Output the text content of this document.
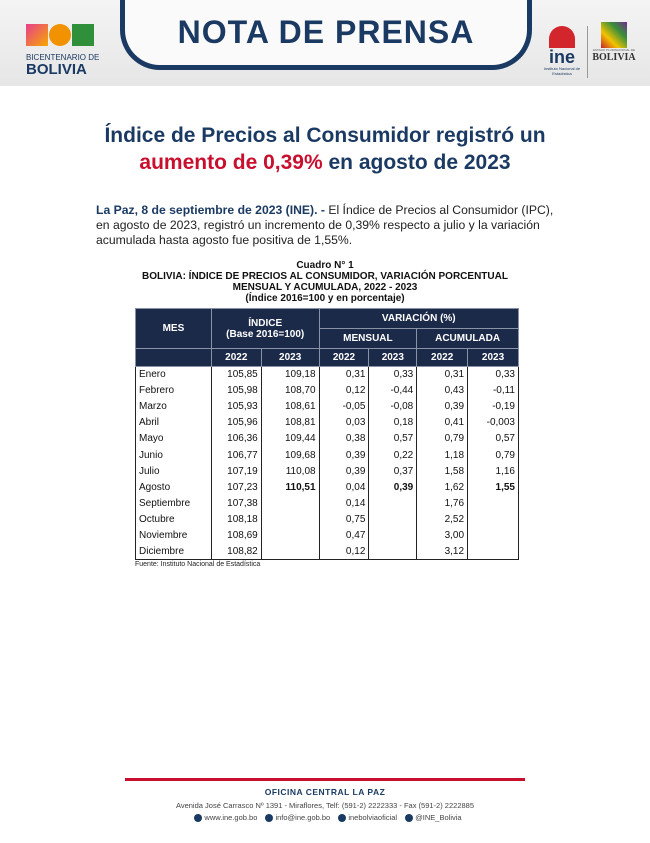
BICENTENARIO DE
BOLIVIA
NOTA DE PRENSA
ine
Instituto Nacional de Estadística
ESTADO PLURINACIONAL DE
BOLIVIA
Índice de Precios al Consumidor registró un
aumento de 0,39% en agosto de 2023

La Paz, 8 de septiembre de 2023 (INE). - El Índice de Precios al Consumidor (IPC), en agosto de 2023, registró un incremento de 0,39% respecto a julio y la variación acumulada hasta agosto fue positiva de 1,55%.

Cuadro N° 1
BOLIVIA: ÍNDICE DE PRECIOS AL CONSUMIDOR, VARIACIÓN PORCENTUAL
MENSUAL Y ACUMULADA, 2022 - 2023
(Índice 2016=100 y en porcentaje)
MES	ÍNDICE
(Base 2016=100)		VARIACIÓN (%)			
			MENSUAL		ACUMULADA	
	2022	2023	2022	2023	2022	2023
Enero	105,85	109,18	0,31	0,33	0,31	0,33
Febrero	105,98	108,70	0,12	-0,44	0,43	-0,11
Marzo	105,93	108,61	-0,05	-0,08	0,39	-0,19
Abril	105,96	108,81	0,03	0,18	0,41	-0,003
Mayo	106,36	109,44	0,38	0,57	0,79	0,57
Junio	106,77	109,68	0,39	0,22	1,18	0,79
Julio	107,19	110,08	0,39	0,37	1,58	1,16
Agosto	107,23	110,51	0,04	0,39	1,62	1,55
Septiembre	107,38		0,14		1,76	
Octubre	108,18		0,75		2,52	
Noviembre	108,69		0,47		3,00	
Diciembre	108,82		0,12		3,12	
Fuente: Instituto Nacional de Estadística
OFICINA CENTRAL LA PAZ
Avenida José Carrasco Nº 1391 - Miraflores, Telf: (591-2) 2222333 - Fax (591-2) 2222885
www.ine.gob.bo info@ine.gob.bo inebolviaoficial @INE_Bolivia
